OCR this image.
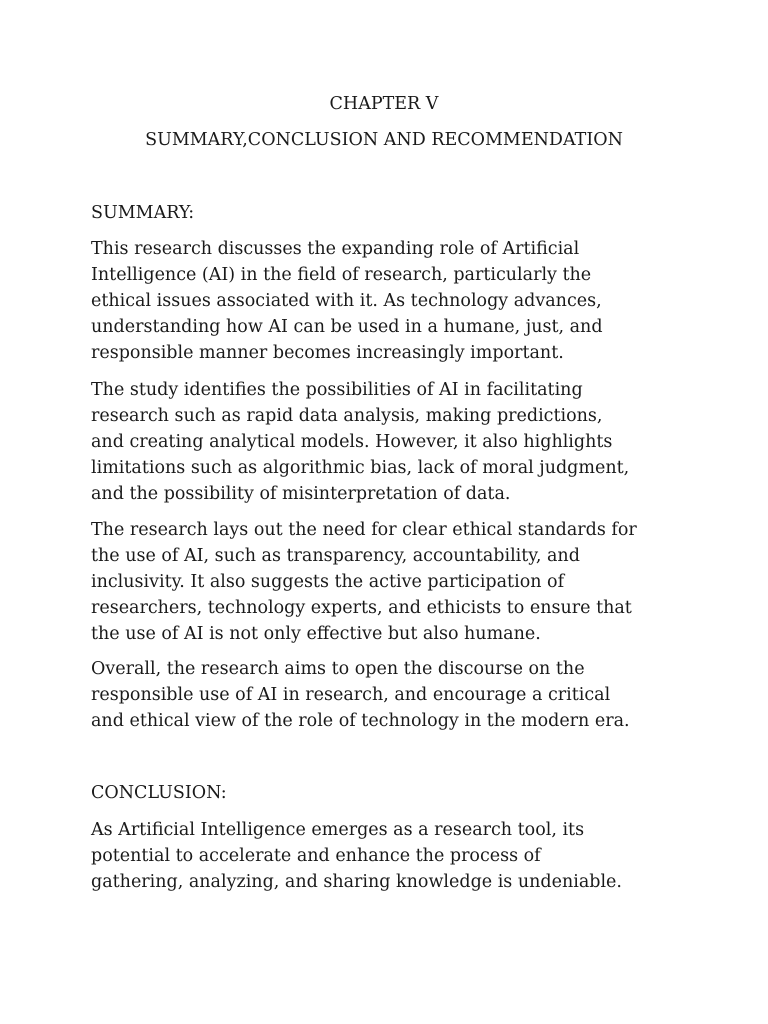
CHAPTER V
SUMMARY,CONCLUSION AND RECOMMENDATION
SUMMARY:
This research discusses the expanding role of Artificial
Intelligence (AI) in the field of research, particularly the
ethical issues associated with it. As technology advances,
understanding how AI can be used in a humane, just, and
responsible manner becomes increasingly important.
The study identifies the possibilities of AI in facilitating
research such as rapid data analysis, making predictions,
and creating analytical models. However, it also highlights
limitations such as algorithmic bias, lack of moral judgment,
and the possibility of misinterpretation of data.
The research lays out the need for clear ethical standards for
the use of AI, such as transparency, accountability, and
inclusivity. It also suggests the active participation of
researchers, technology experts, and ethicists to ensure that
the use of AI is not only effective but also humane.
Overall, the research aims to open the discourse on the
responsible use of AI in research, and encourage a critical
and ethical view of the role of technology in the modern era.
CONCLUSION:
As Artificial Intelligence emerges as a research tool, its
potential to accelerate and enhance the process of
gathering, analyzing, and sharing knowledge is undeniable.
